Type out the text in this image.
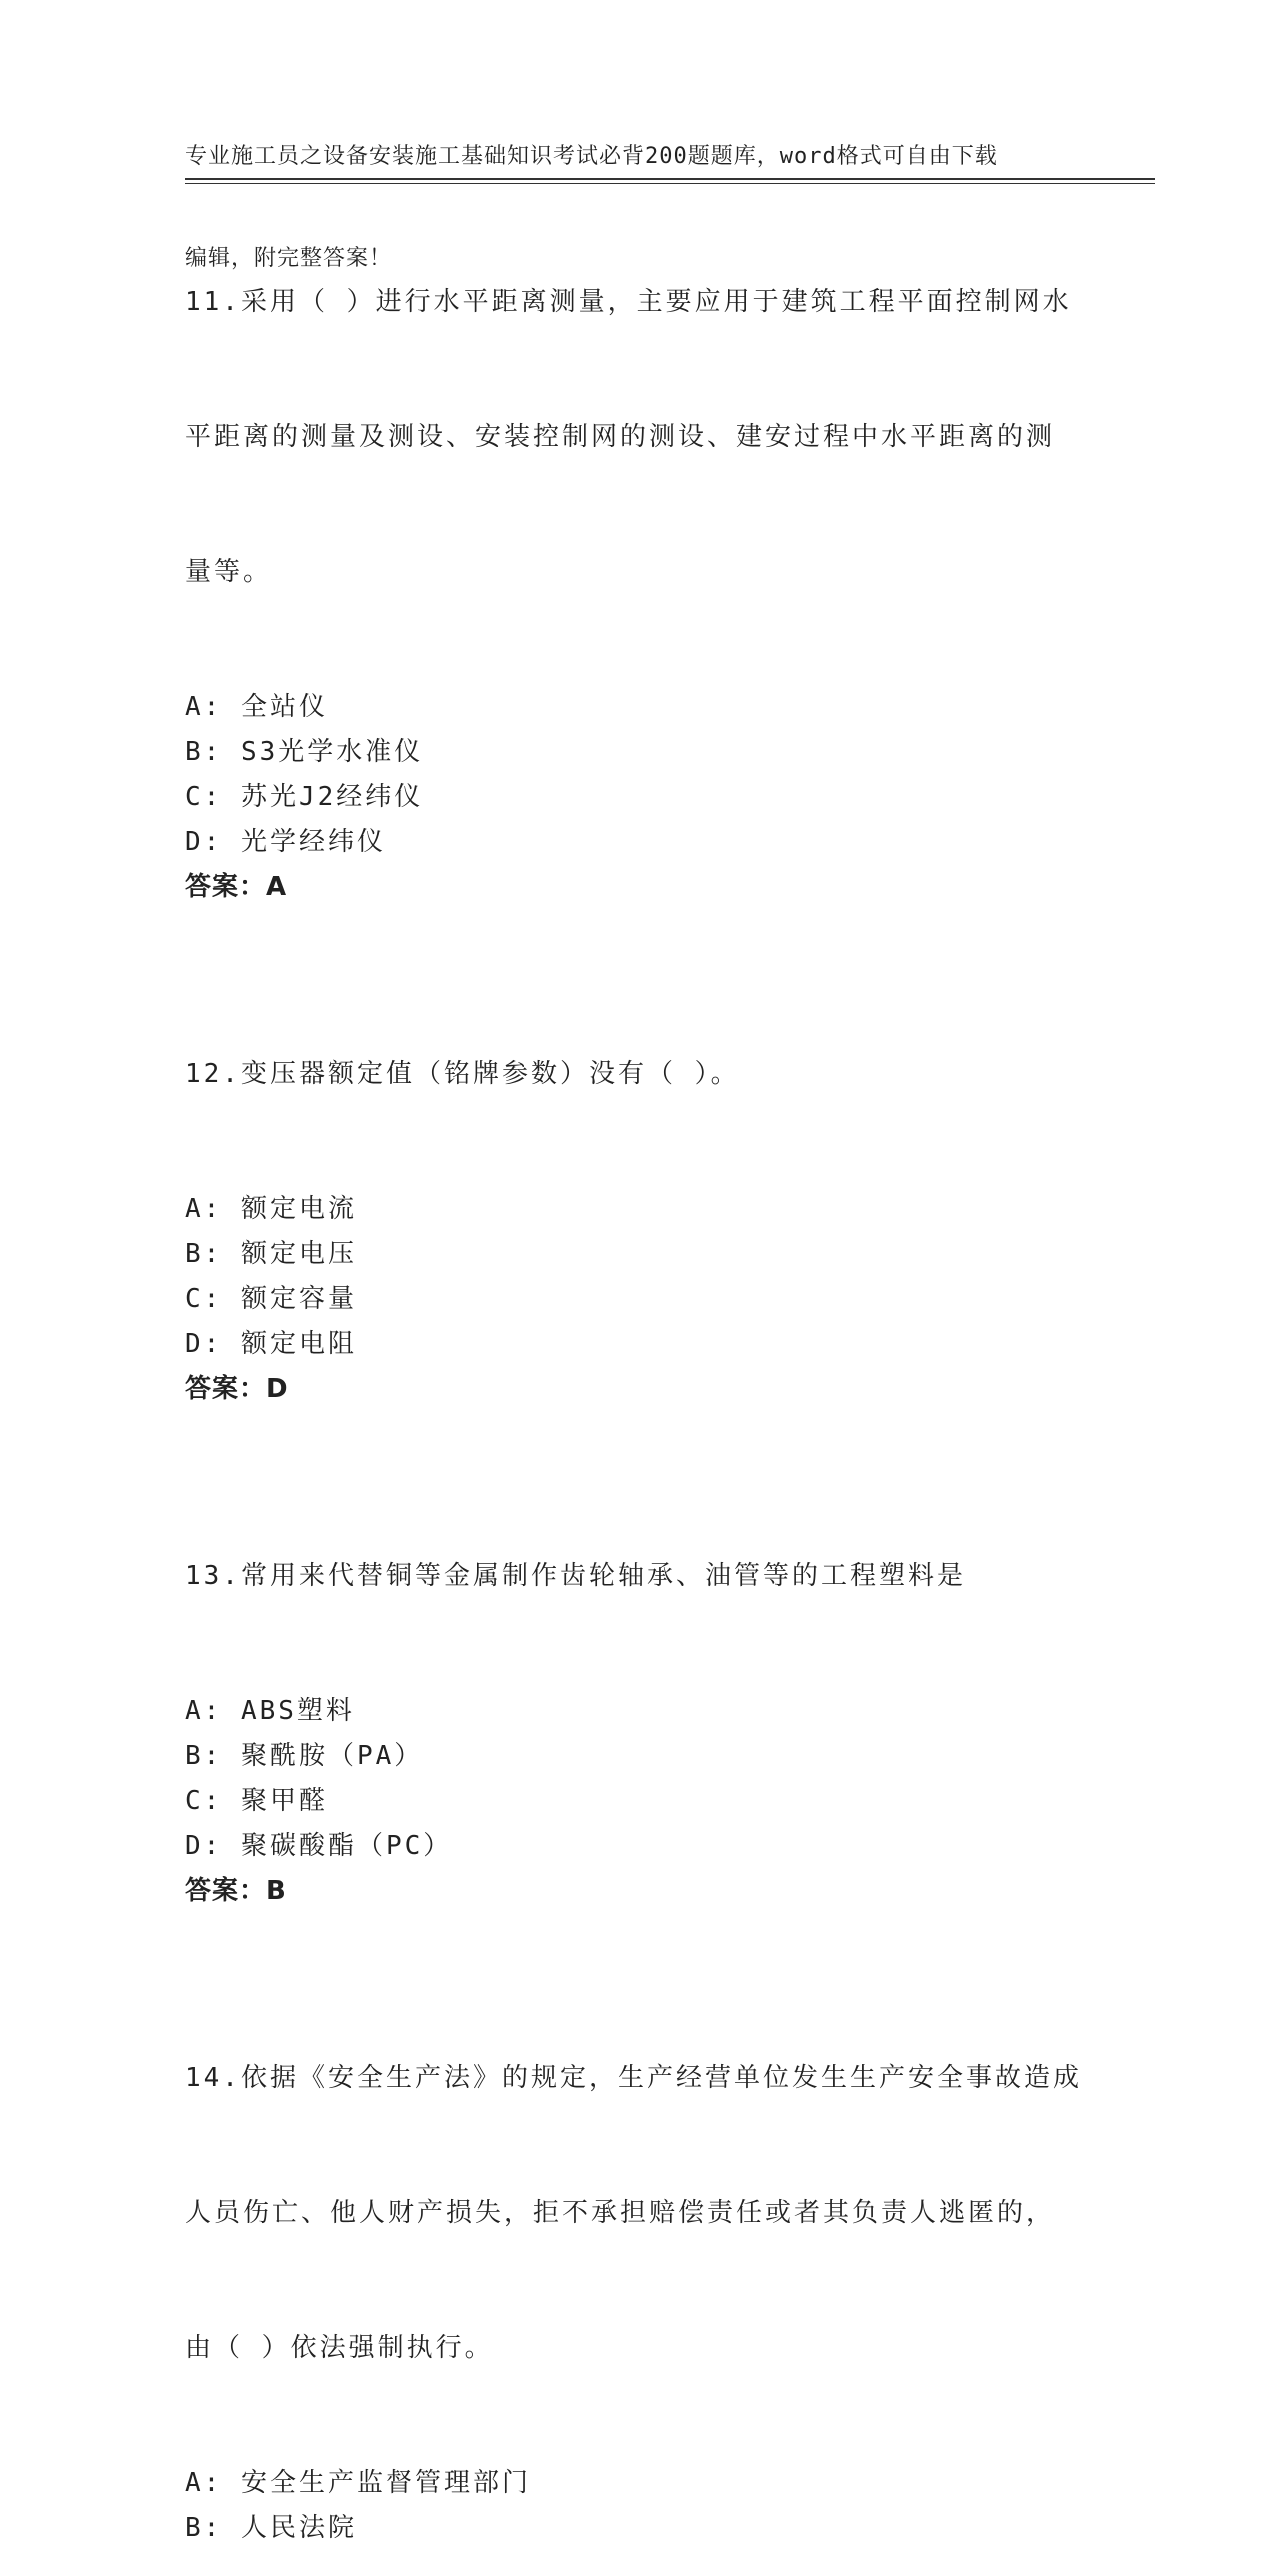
专业施工员之设备安装施工基础知识考试必背200题题库，word格式可自由下载

编辑，附完整答案！

11.采用（ ）进行水平距离测量，主要应用于建筑工程平面控制网水

平距离的测量及测设、安装控制网的测设、建安过程中水平距离的测

量等。

A: 全站仪
B: S3光学水准仪
C: 苏光J2经纬仪
D: 光学经纬仪
答案：A

12.变压器额定值（铭牌参数）没有（ ）。

A: 额定电流
B: 额定电压
C: 额定容量
D: 额定电阻
答案：D

13.常用来代替铜等金属制作齿轮轴承、油管等的工程塑料是

A: ABS塑料
B: 聚酰胺（PA）
C: 聚甲醛
D: 聚碳酸酯（PC）
答案：B

14.依据《安全生产法》的规定，生产经营单位发生生产安全事故造成

人员伤亡、他人财产损失，拒不承担赔偿责任或者其负责人逃匿的，

由（ ）依法强制执行。

A: 安全生产监督管理部门
B: 人民法院
